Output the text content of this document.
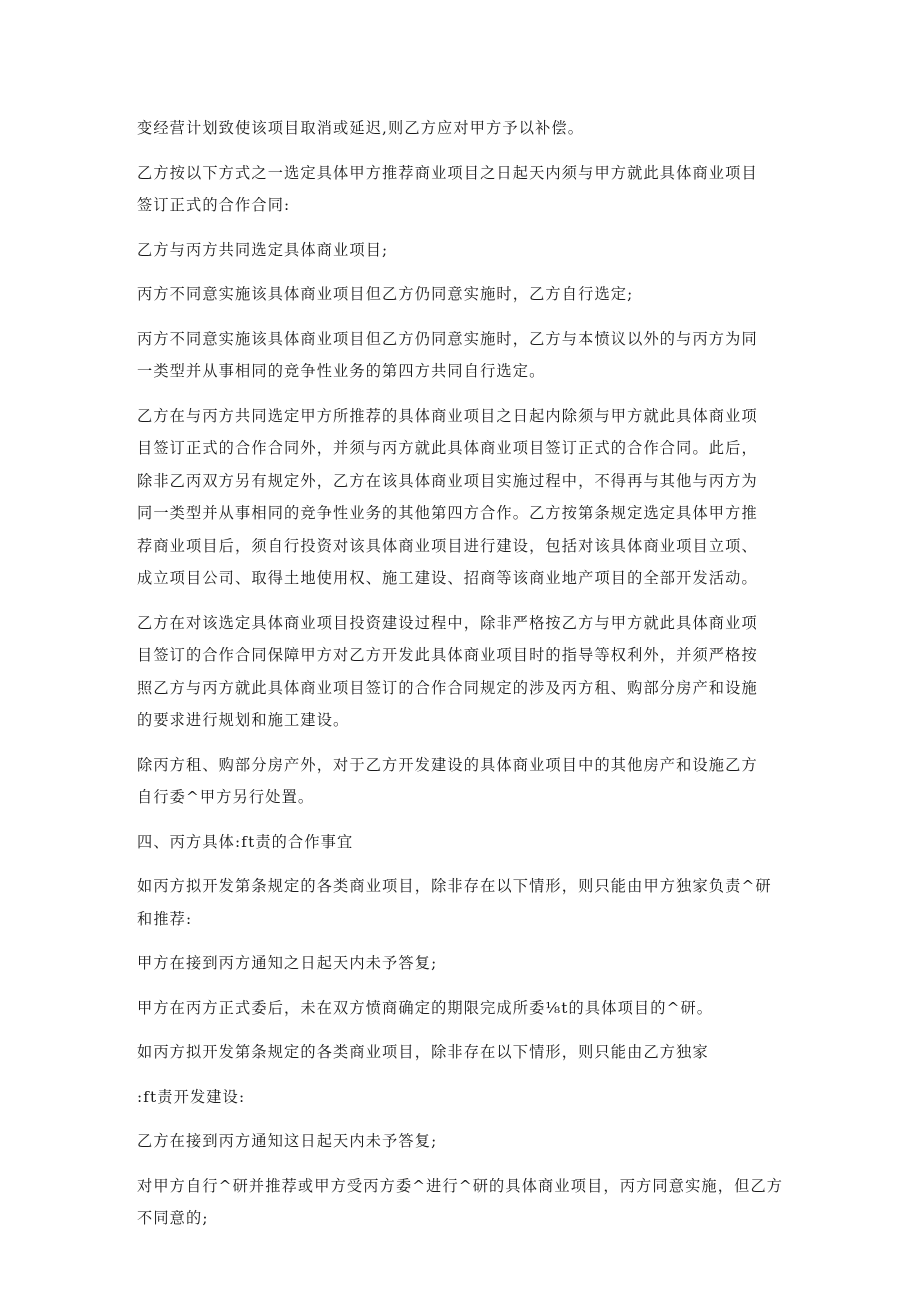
变经营计划致使该项目取消或延迟,则乙方应对甲方予以补偿。

乙方按以下方式之一选定具体甲方推荐商业项目之日起天内须与甲方就此具体商业项目
签订正式的合作合同:

乙方与丙方共同选定具体商业项目;

丙方不同意实施该具体商业项目但乙方仍同意实施时，乙方自行选定;

丙方不同意实施该具体商业项目但乙方仍同意实施时，乙方与本愤议以外的与丙方为同
一类型并从事相同的竞争性业务的第四方共同自行选定。

乙方在与丙方共同选定甲方所推荐的具体商业项目之日起内除须与甲方就此具体商业项
目签订正式的合作合同外，并须与丙方就此具体商业项目签订正式的合作合同。此后，
除非乙丙双方另有规定外，乙方在该具体商业项目实施过程中，不得再与其他与丙方为
同一类型并从事相同的竞争性业务的其他第四方合作。乙方按第条规定选定具体甲方推
荐商业项目后，须自行投资对该具体商业项目进行建设，包括对该具体商业项目立项、
成立项目公司、取得土地使用权、施工建设、招商等该商业地产项目的全部开发活动。

乙方在对该选定具体商业项目投资建设过程中，除非严格按乙方与甲方就此具体商业项
目签订的合作合同保障甲方对乙方开发此具体商业项目时的指导等权利外，并须严格按
照乙方与丙方就此具体商业项目签订的合作合同规定的涉及丙方租、购部分房产和设施
的要求进行规划和施工建设。

除丙方租、购部分房产外，对于乙方开发建设的具体商业项目中的其他房产和设施乙方
自行委^甲方另行处置。

四、丙方具体:ft责的合作事宜

如丙方拟开发第条规定的各类商业项目，除非存在以下情形，则只能由甲方独家负责^研
和推荐:

甲方在接到丙方通知之日起天内未予答复;

甲方在丙方正式委后，未在双方愤商确定的期限完成所委⅛t的具体项目的^研。

如丙方拟开发第条规定的各类商业项目，除非存在以下情形，则只能由乙方独家

:ft责开发建设:

乙方在接到丙方通知这日起天内未予答复;

对甲方自行^研并推荐或甲方受丙方委^进行^研的具体商业项目，丙方同意实施，但乙方
不同意的;
